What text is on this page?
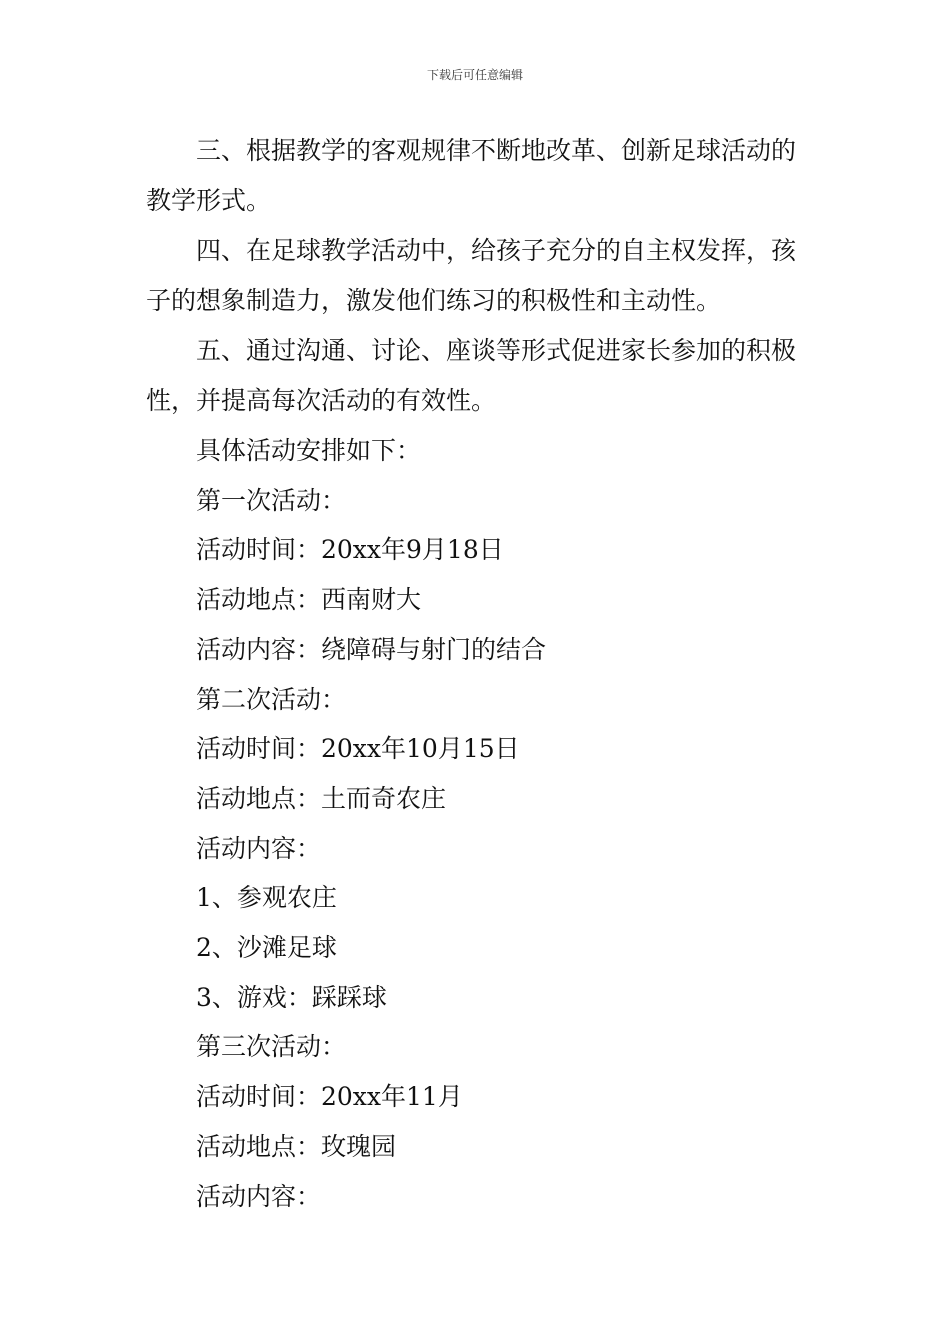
下载后可任意编辑

三、根据教学的客观规律不断地改革、创新足球活动的教学形式。

四、在足球教学活动中，给孩子充分的自主权发挥，孩子的想象制造力，激发他们练习的积极性和主动性。

五、通过沟通、讨论、座谈等形式促进家长参加的积极性，并提高每次活动的有效性。

具体活动安排如下：

第一次活动：

活动时间：20xx年9月18日

活动地点：西南财大

活动内容：绕障碍与射门的结合

第二次活动：

活动时间：20xx年10月15日

活动地点：土而奇农庄

活动内容：

1、参观农庄

2、沙滩足球

3、游戏：踩踩球

第三次活动：

活动时间：20xx年11月

活动地点：玫瑰园

活动内容：
